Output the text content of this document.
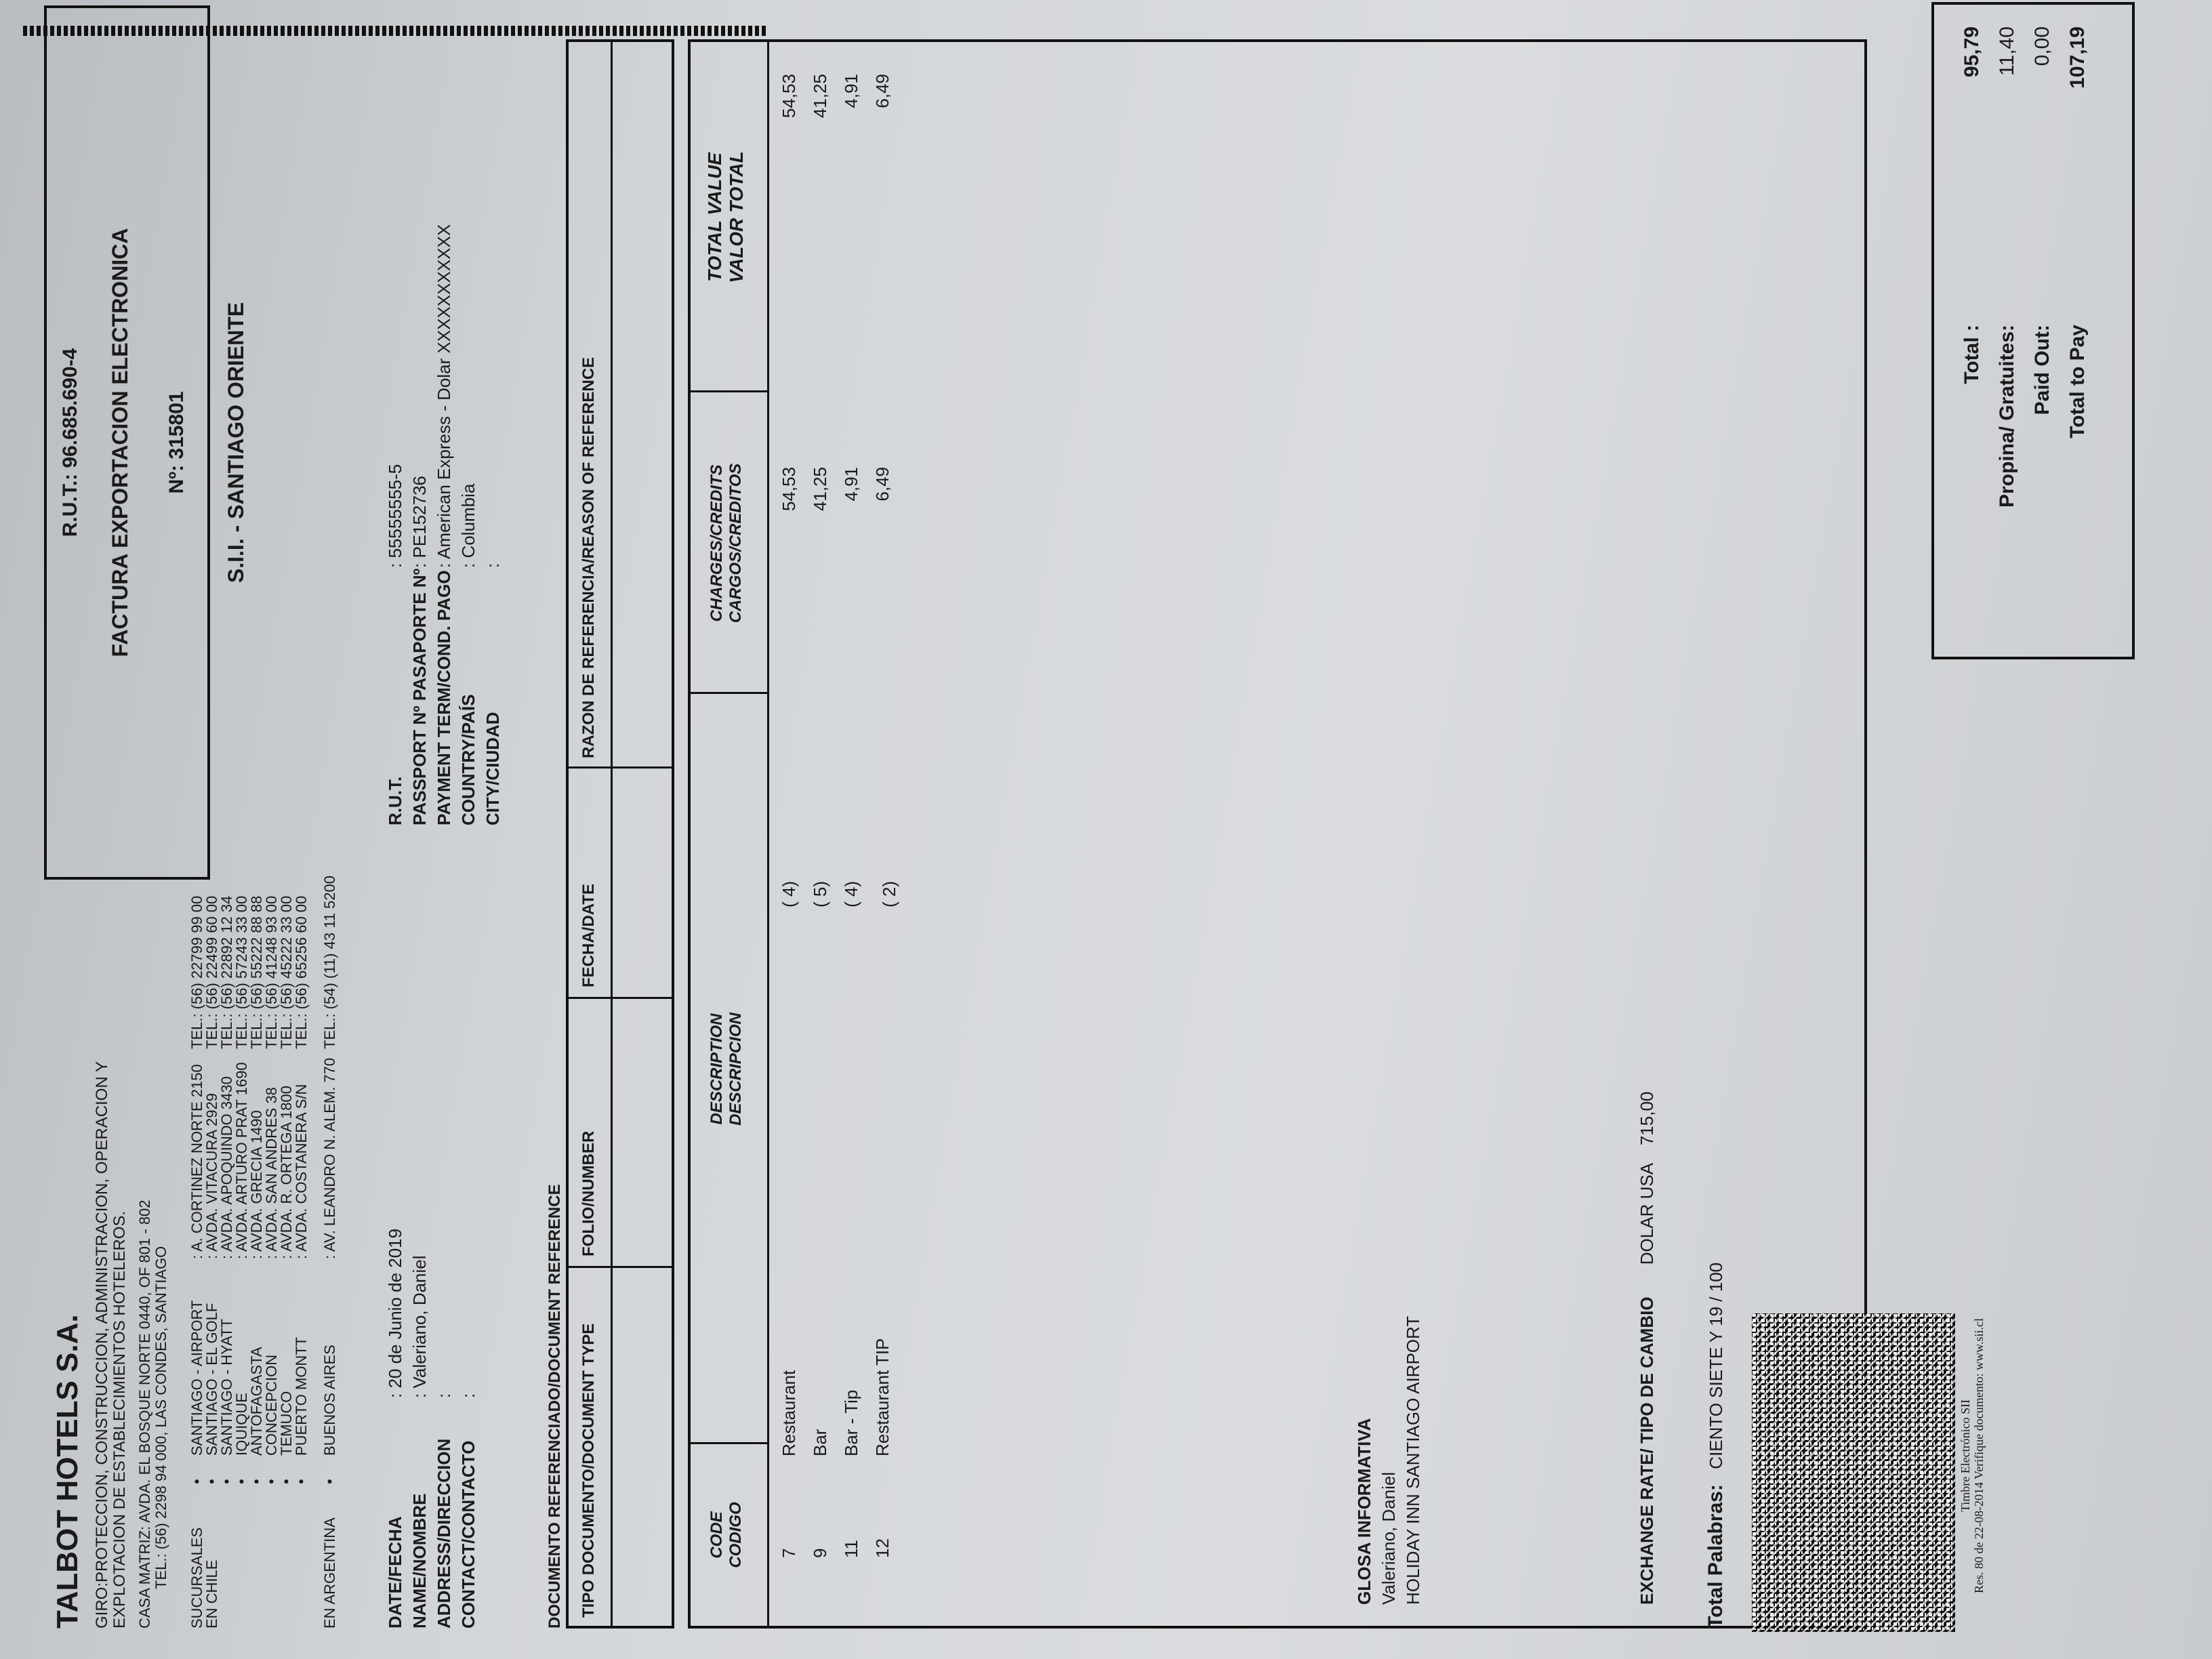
TALBOT HOTELS S.A. GIRO:PROTECCION, CONSTRUCCION, ADMINISTRACION, OPERACION Y EXPLOTACION DE ESTABLECIMIENTOS HOTELEROS. CASA MATRIZ: AVDA. EL BOSQUE NORTE 0440, OF 801 - 802 TEL.: (56) 2298 94 000, LAS CONDES, SANTIAGO SUCURSALES
EN CHILE
•
•
•
•
•
•
•
•
SANTIAGO - AIRPORT
: A. CORTINEZ NORTE 2150
TEL.: (56) 22799 99 00
SANTIAGO - EL GOLF
: AVDA. VITACURA 2929
TEL.: (56) 22499 60 00
SANTIAGO - HYATT
: AVDA. APOQUINDO 3430
TEL.: (56) 22892 12 34
IQUIQUE
: AVDA. ARTURO PRAT 1690
TEL.: (56) 57243 33 00
ANTOFAGASTA
: AVDA. GRECIA 1490
TEL.: (56) 55222 88 88
CONCEPCION
: AVDA. SAN ANDRES 38
TEL.: (56) 41248 93 00
TEMUCO
: AVDA. R. ORTEGA 1800
TEL.: (56) 45222 33 00
PUERTO MONTT
: AVDA. COSTANERA S/N
TEL.: (56) 65256 60 00
EN ARGENTINA
•
BUENOS AIRES
: AV. LEANDRO N. ALEM. 770
TEL.: (54) (11) 43 11 5200
R.U.T.: 96.685.690-4 FACTURA EXPORTACION ELECTRONICA Nº: 315801 S.I.I. - SANTIAGO ORIENTE
DATE/FECHA NAME/NOMBRE ADDRESS/DIRECCION CONTACT/CONTACTO
: 20 de Junio de 2019 : Valeriano, Daniel : :
R.U.T. PASSPORT Nº PASAPORTE Nº PAYMENT TERM/COND. PAGO COUNTRY/PAÍS CITY/CIUDAD
: 55555555-5 : PE152736 : American Express - Dolar XXXXXXXXXXX : Columbia :
DOCUMENTO REFERENCIADO/DOCUMENT REFERENCE TIPO DOCUMENTO/DOCUMENT TYPE
FOLIO/NUMBER
FECHA/DATE
RAZON DE REFERENCIA/REASON OF REFERENCE
CODE CODIGO
DESCRIPTION DESCRIPCION
CHARGES/CREDITS CARGOS/CREDITOS
TOTAL VALUE VALOR TOTAL
7
Restaurant
( 4)
54,53
54,53
9
Bar
( 5)
41,25
41,25
11
Bar - Tip
( 4)
4,91
4,91
12
Restaurant TIP
( 2)
6,49
6,49
GLOSA INFORMATIVA Valeriano, Daniel HOLIDAY INN SANTIAGO AIRPORT	EXCHANGE RATE/ TIPO DE CAMBIO DOLAR USA 715,00
Total Palabras: CIENTO SIETE Y 19 / 100	Timbre Electrónico SII Res. 80 de 22-08-2014 Verifique documento: www.sii.cl
Total : Propina/ Gratuites: Paid Out: Total to Pay
95,79 11,40 0,00 107,19
